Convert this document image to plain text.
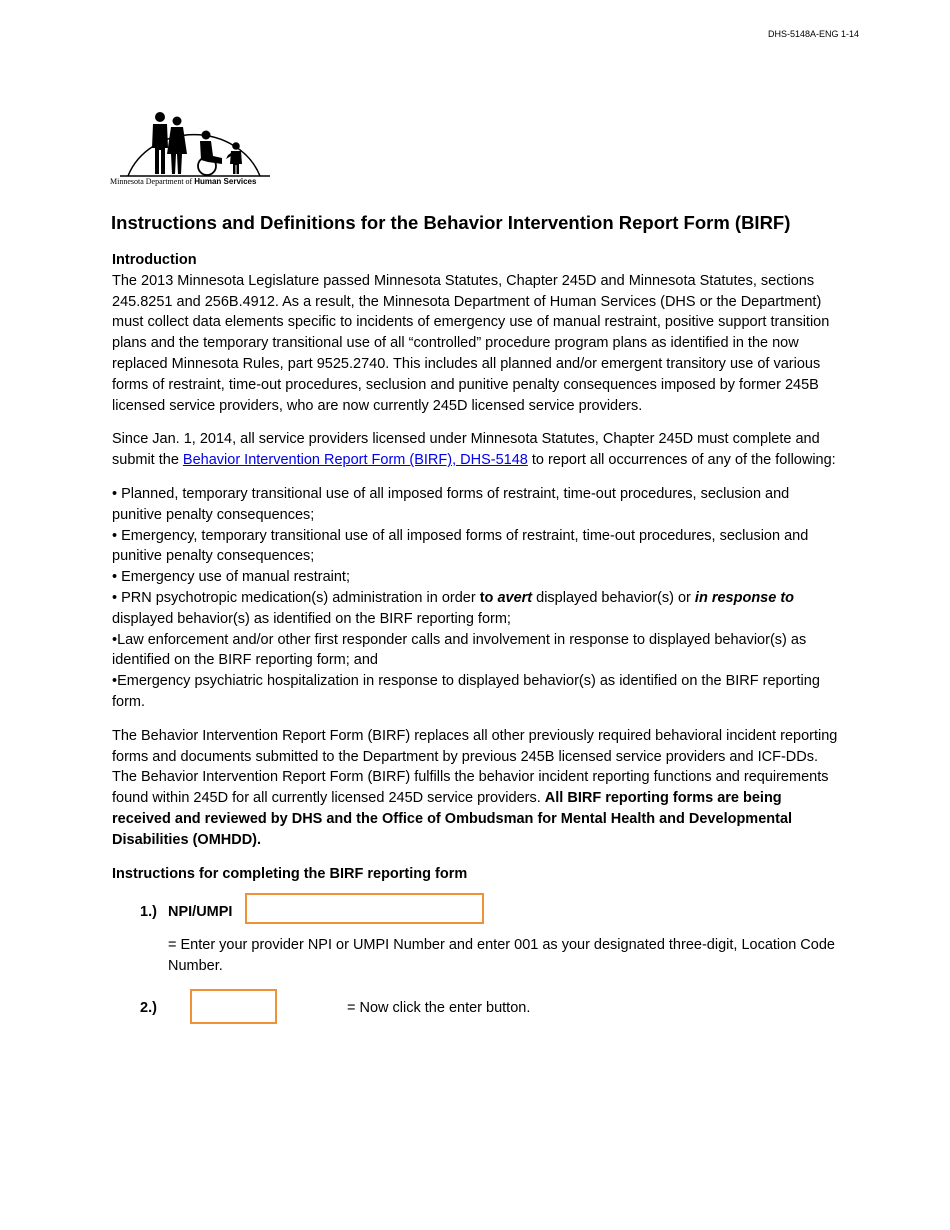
DHS-5148A-ENG 1-14
Minnesota Department of Human Services
Instructions and Definitions for the Behavior Intervention Report Form (BIRF)

Introduction

The 2013 Minnesota Legislature passed Minnesota Statutes, Chapter 245D and Minnesota Statutes, sections 245.8251 and 256B.4912. As a result, the Minnesota Department of Human Services (DHS or the Department) must collect data elements specific to incidents of emergency use of manual restraint, positive support transition plans and the temporary transitional use of all “controlled” procedure program plans as identified in the now replaced Minnesota Rules, part 9525.2740. This includes all planned and/or emergent transitory use of various forms of restraint, time-out procedures, seclusion and punitive penalty consequences imposed by former 245B licensed service providers, who are now currently 245D licensed service providers.

Since Jan. 1, 2014, all service providers licensed under Minnesota Statutes, Chapter 245D must complete and submit the Behavior Intervention Report Form (BIRF), DHS-5148 to report all occurrences of any of the following:

• Planned, temporary transitional use of all imposed forms of restraint, time-out procedures, seclusion and punitive penalty consequences;

• Emergency, temporary transitional use of all imposed forms of restraint, time-out procedures, seclusion and punitive penalty consequences;

• Emergency use of manual restraint;

• PRN psychotropic medication(s) administration in order to avert displayed behavior(s) or in response to displayed behavior(s) as identified on the BIRF reporting form;

•Law enforcement and/or other first responder calls and involvement in response to displayed behavior(s) as identified on the BIRF reporting form; and

•Emergency psychiatric hospitalization in response to displayed behavior(s) as identified on the BIRF reporting form.

The Behavior Intervention Report Form (BIRF) replaces all other previously required behavioral incident reporting forms and documents submitted to the Department by previous 245B licensed service providers and ICF-DDs. The Behavior Intervention Report Form (BIRF) fulfills the behavior incident reporting functions and requirements found within 245D for all currently licensed 245D service providers. All BIRF reporting forms are being received and reviewed by DHS and the Office of Ombudsman for Mental Health and Developmental Disabilities (OMHDD).

Instructions for completing the BIRF reporting form

1.) NPI/UMPI

= Enter your provider NPI or UMPI Number and enter 001 as your designated three-digit, Location Code Number.

2.)	= Now click the enter button.
